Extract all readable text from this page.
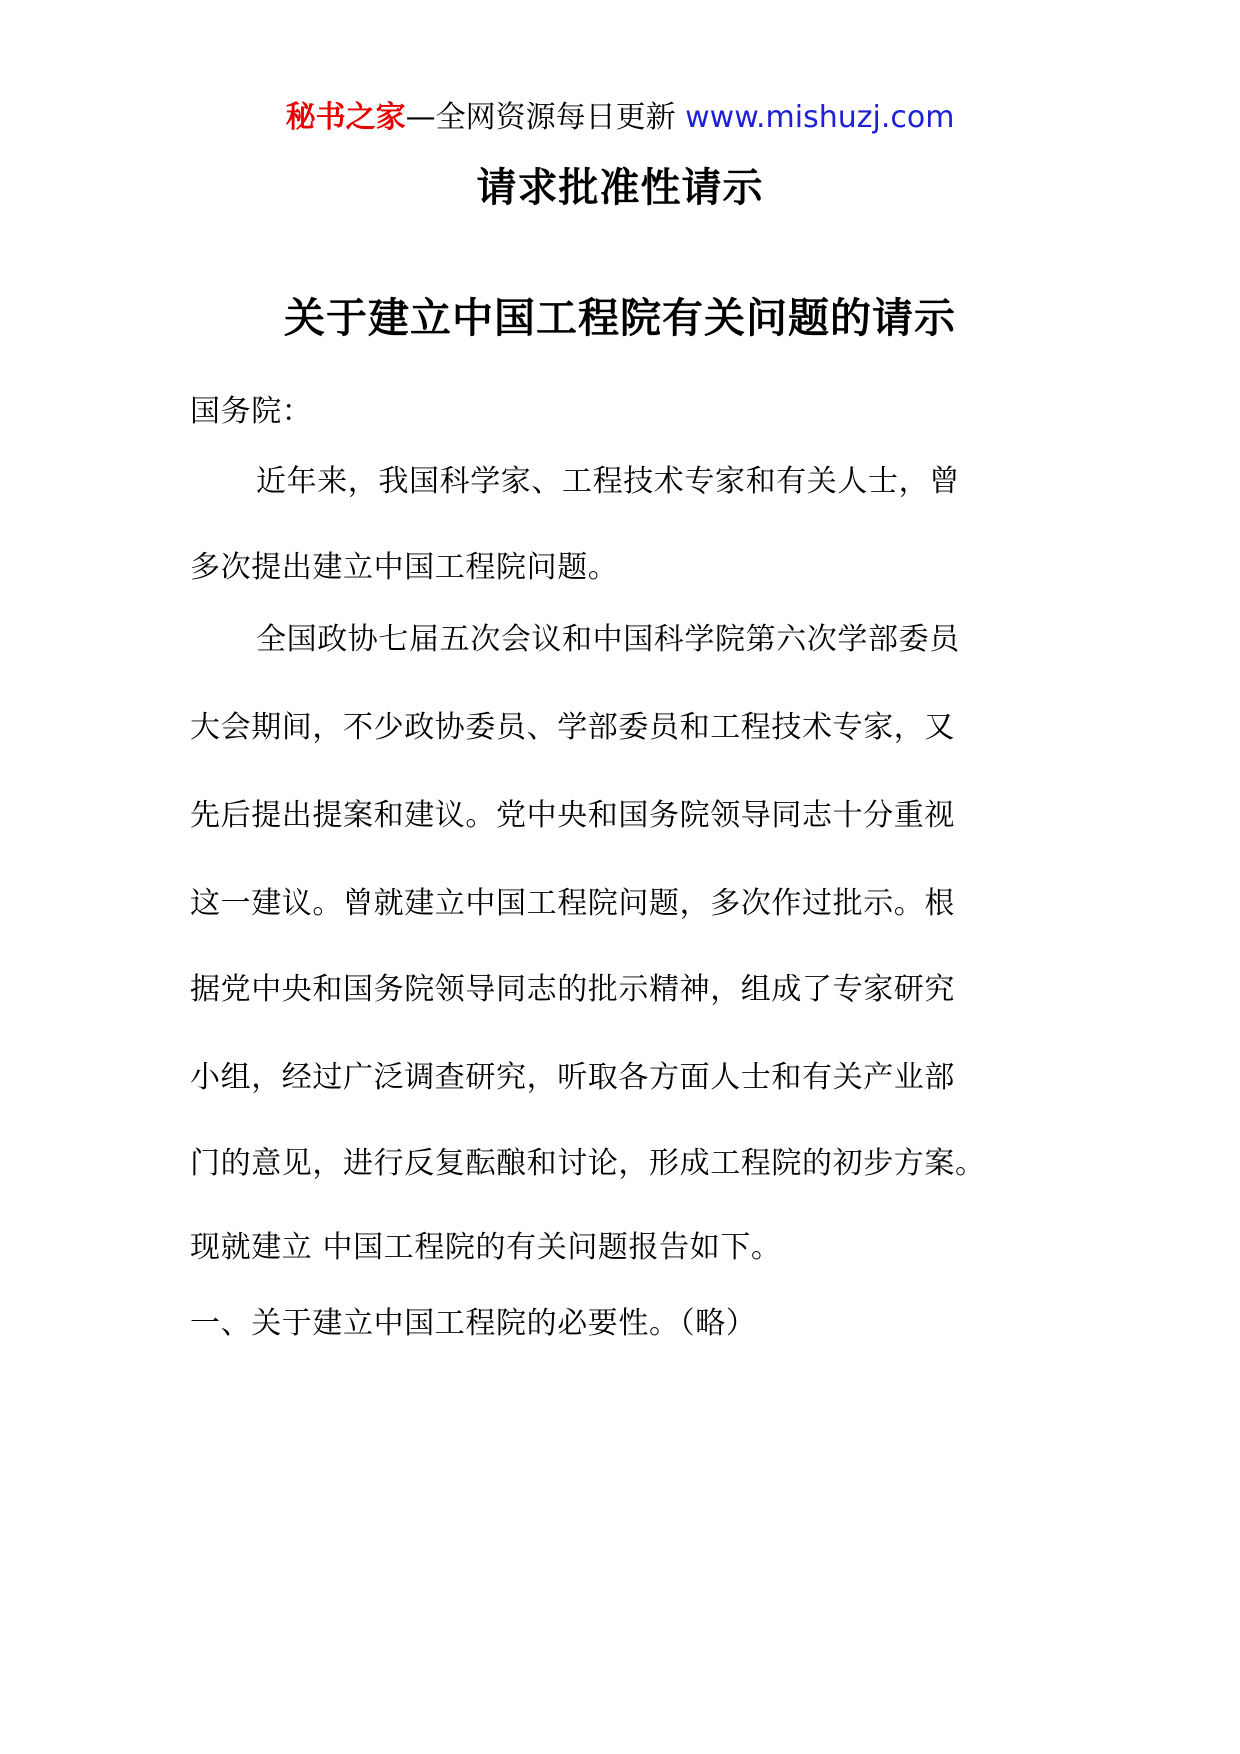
秘书之家—全网资源每日更新 www.mishuzj.com
请求批准性请示
关于建立中国工程院有关问题的请示
国务院：
近年来，我国科学家、工程技术专家和有关人士，曾
多次提出建立中国工程院问题。
全国政协七届五次会议和中国科学院第六次学部委员
大会期间，不少政协委员、学部委员和工程技术专家，又
先后提出提案和建议。党中央和国务院领导同志十分重视
这一建议。曾就建立中国工程院问题，多次作过批示。根
据党中央和国务院领导同志的批示精神，组成了专家研究
小组，经过广泛调查研究，听取各方面人士和有关产业部
门的意见，进行反复酝酿和讨论，形成工程院的初步方案。
现就建立 中国工程院的有关问题报告如下。
一、关于建立中国工程院的必要性。（略）
